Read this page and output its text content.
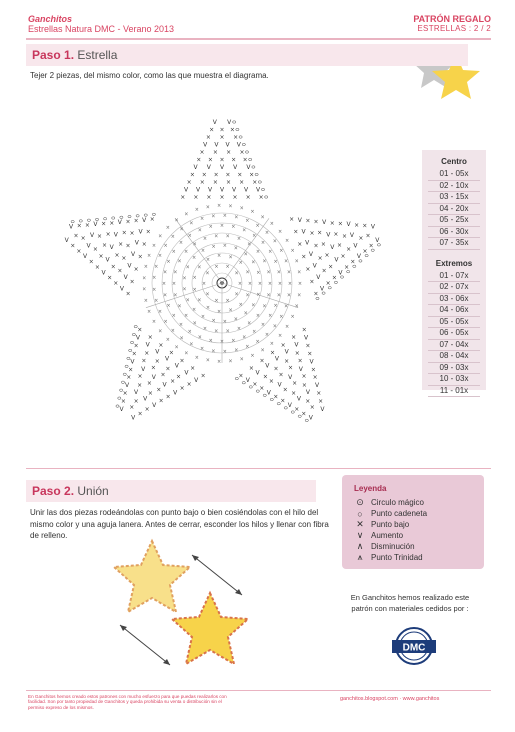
Ganchitos
Estrellas Natura DMC - Verano 2013
PATRÓN REGALO
ESTRELLAS : 2 / 2
Paso 1. Estrella
Tejer 2 piezas, del mismo color, como las que muestra el diagrama.
×
×
×
×
×
×
×
× ×
×
×
×
×
×
×
×
×
×
×
×
×
× ×
×
×
×
×
×
×
×
×
×
×
×
×
×
×
×
×
×
× × ×
×
×
×
×
×
×
×
×
×
×
×
×
×
×
×
×
×
×
×
×
×
× × × ×
×
×
×
×
×
×
×
×
×
×
×
×
×
×
×
×
×
×
×
×
×
×
×
×
×
×
×
× × ×
×
×
×
×
×
×
×
×
×
×
×
×
×
×
×
×
×
×
×
×
×
×
×
×
×
×
×
×
×
×
×
×
× × × ×
×
×
×
×
×
×
×
×
×
×
×
×
×
×
×
×
×
×
×
×
×
×
×
×
×
×
×
×
×
×
×
×
×
×
×
×
×
× × × × ×
×
×
×
×
×
×
×
×
× × × × × × ×
V V V V V V V
× × × × × ×
× × × × × ×
V V V V V
× × × × ×
× × × ×
V V V V
× × ×
× × ×
V V
×
×
×
×
×
×
×
V
V
V
V
V
V
V
×
×
×
×
×
×
×
×
×
×
×
×
V
V
V
V
V
×
×
×
×
×
×
×
×
×
V
V
V
V
×
×
×
×
×
×
V
V
×
×
×
×
×
×
×
V
V
V
V
V
V
V
×
×
×
×
×
×
×
×
×
×
×
×
V
V
V
V
V
×
×
×
×
×
×
×
×
×
V
V
V
V
×
×
×
×
×
×
V
V
×
×
×
×
×
×
×
V
V
V
V
V
V
V
×
×
×
×
×
×
×
×
×
×
×
×
V
V
V
V
V
×
×
×
×
×
×
×
×
×
V
V
V
V
×
×
×
×
×
×
V
V
×
×
×
×
×
×
×
V
V
V
V
V
V
V
×
×
×
×
×
×
×
×
×
×
×
×
V
V
V
V
V
×
×
×
×
×
×
×
×
×
V
V
V
V
×
×
×
×
×
×
V
V
Centro
01 - 05x
02 - 10x
03 - 15x
04 - 20x
05 - 25x
06 - 30x
07 - 35x
Extremos
01 - 07x
02 - 07x
03 - 06x
04 - 06x
05 - 05x
06 - 05x
07 - 04x
08 - 04x
09 - 03x
10 - 03x
11 - 01x
Paso 2. Unión
Unir las dos piezas rodeándolas con punto bajo o bien cosiéndolas con el hilo del mismo color y una aguja lanera. Antes de cerrar, esconder los hilos y llenar con fibra de relleno.
Leyenda
⊙ Circulo mágico
○	Punto cadeneta
✕ Punto bajo
∨ Aumento
∧ Disminución
⩚	Punto Trinidad
En Ganchitos hemos realizado este patrón con materiales cedidos por :
DMC
En Ganchitos hemos creado estos patrones con mucho esfuerzo para que puedas realizarlos con facilidad. Son por tanto propiedad de Ganchitos y queda prohibida su venta o distribución sin el permiso expreso de los mismos.
ganchitos.blogspot.com · www.ganchitos
